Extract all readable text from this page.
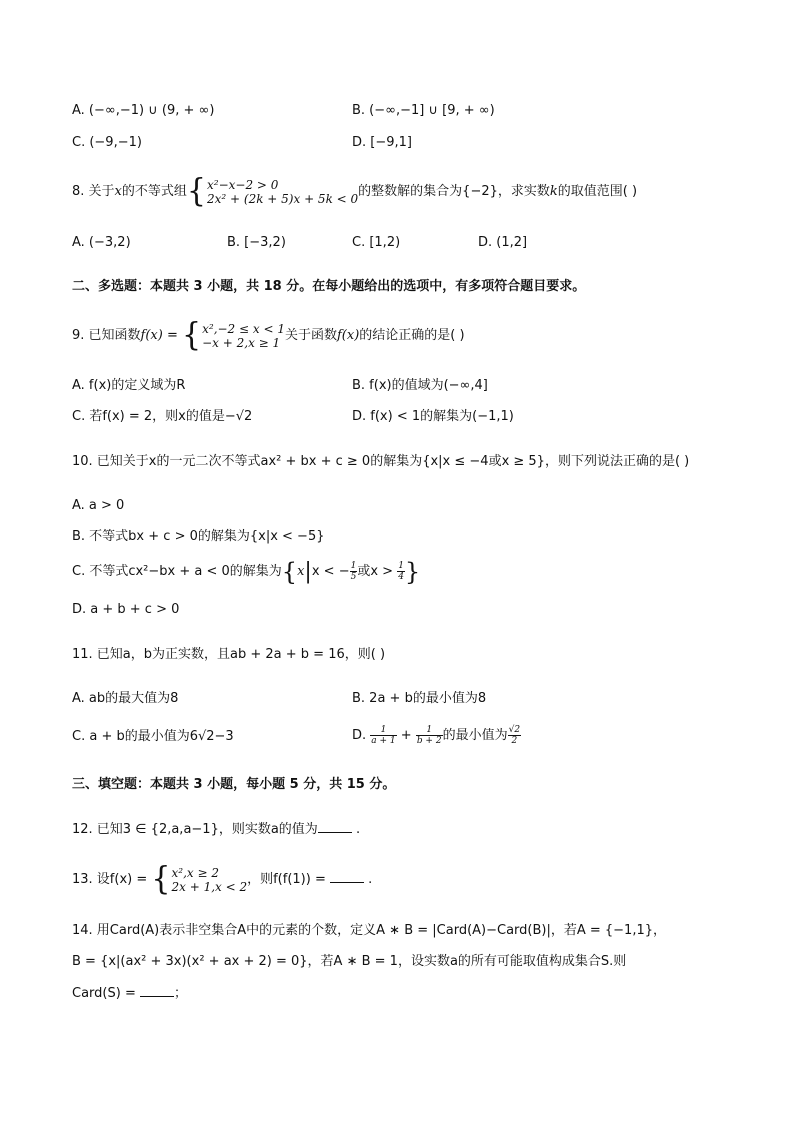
A. (−∞,−1) ∪ (9, + ∞)	B. (−∞,−1] ∪ [9, + ∞)
C. (−9,−1)	D. [−9,1]
8. 关于x的不等式组{ x²−x−2 > 0
2x² + (2k + 5)x + 5k < 0 的整数解的集合为{−2}，求实数k的取值范围( )
A. (−3,2)	B. [−3,2)	C. [1,2)	D. (1,2]
二、多选题：本题共 3 小题，共 18 分。在每小题给出的选项中，有多项符合题目要求。
9. 已知函数f(x) = { x²,−2 ≤ x < 1
−x + 2,x ≥ 1 关于函数f(x)的结论正确的是( )
A. f(x)的定义域为R	B. f(x)的值域为(−∞,4]
C. 若f(x) = 2，则x的值是−√2	D. f(x) < 1的解集为(−1,1)
10. 已知关于x的一元二次不等式ax² + bx + c ≥ 0的解集为{x|x ≤ −4或x ≥ 5}，则下列说法正确的是( )
A. a > 0
B. 不等式bx + c > 0的解集为{x|x < −5}
C. 不等式cx²−bx + a < 0的解集为{x|x < − $\frac{1}{5}$ 或$x > \frac{1}{4}$ }
D. a + b + c > 0
11. 已知a，b为正实数，且ab + 2a + b = 16，则( )
A. ab的最大值为8	B. 2a + b的最小值为8
C. a + b的最小值为6√2−3	D. $\frac{1}{a + 1} + \frac{1}{b + 2}$ 的最小值为 $\frac{√2}{2}$
三、填空题：本题共 3 小题，每小题 5 分，共 15 分。
12. 已知3 ∈ {2,a,a−1}，则实数a的值为	.
13. 设f(x) = { x²,x ≥ 2
2x + 1,x < 2 ，则f(f(1)) =	.
14. 用Card(A)表示非空集合A中的元素的个数，定义A ∗ B = |Card(A)−Card(B)|，若A = {−1,1}，
B = {x|(ax² + 3x)(x² + ax + 2) = 0}，若A ∗ B = 1，设实数a的所有可能取值构成集合S.则
Card(S) =	；
